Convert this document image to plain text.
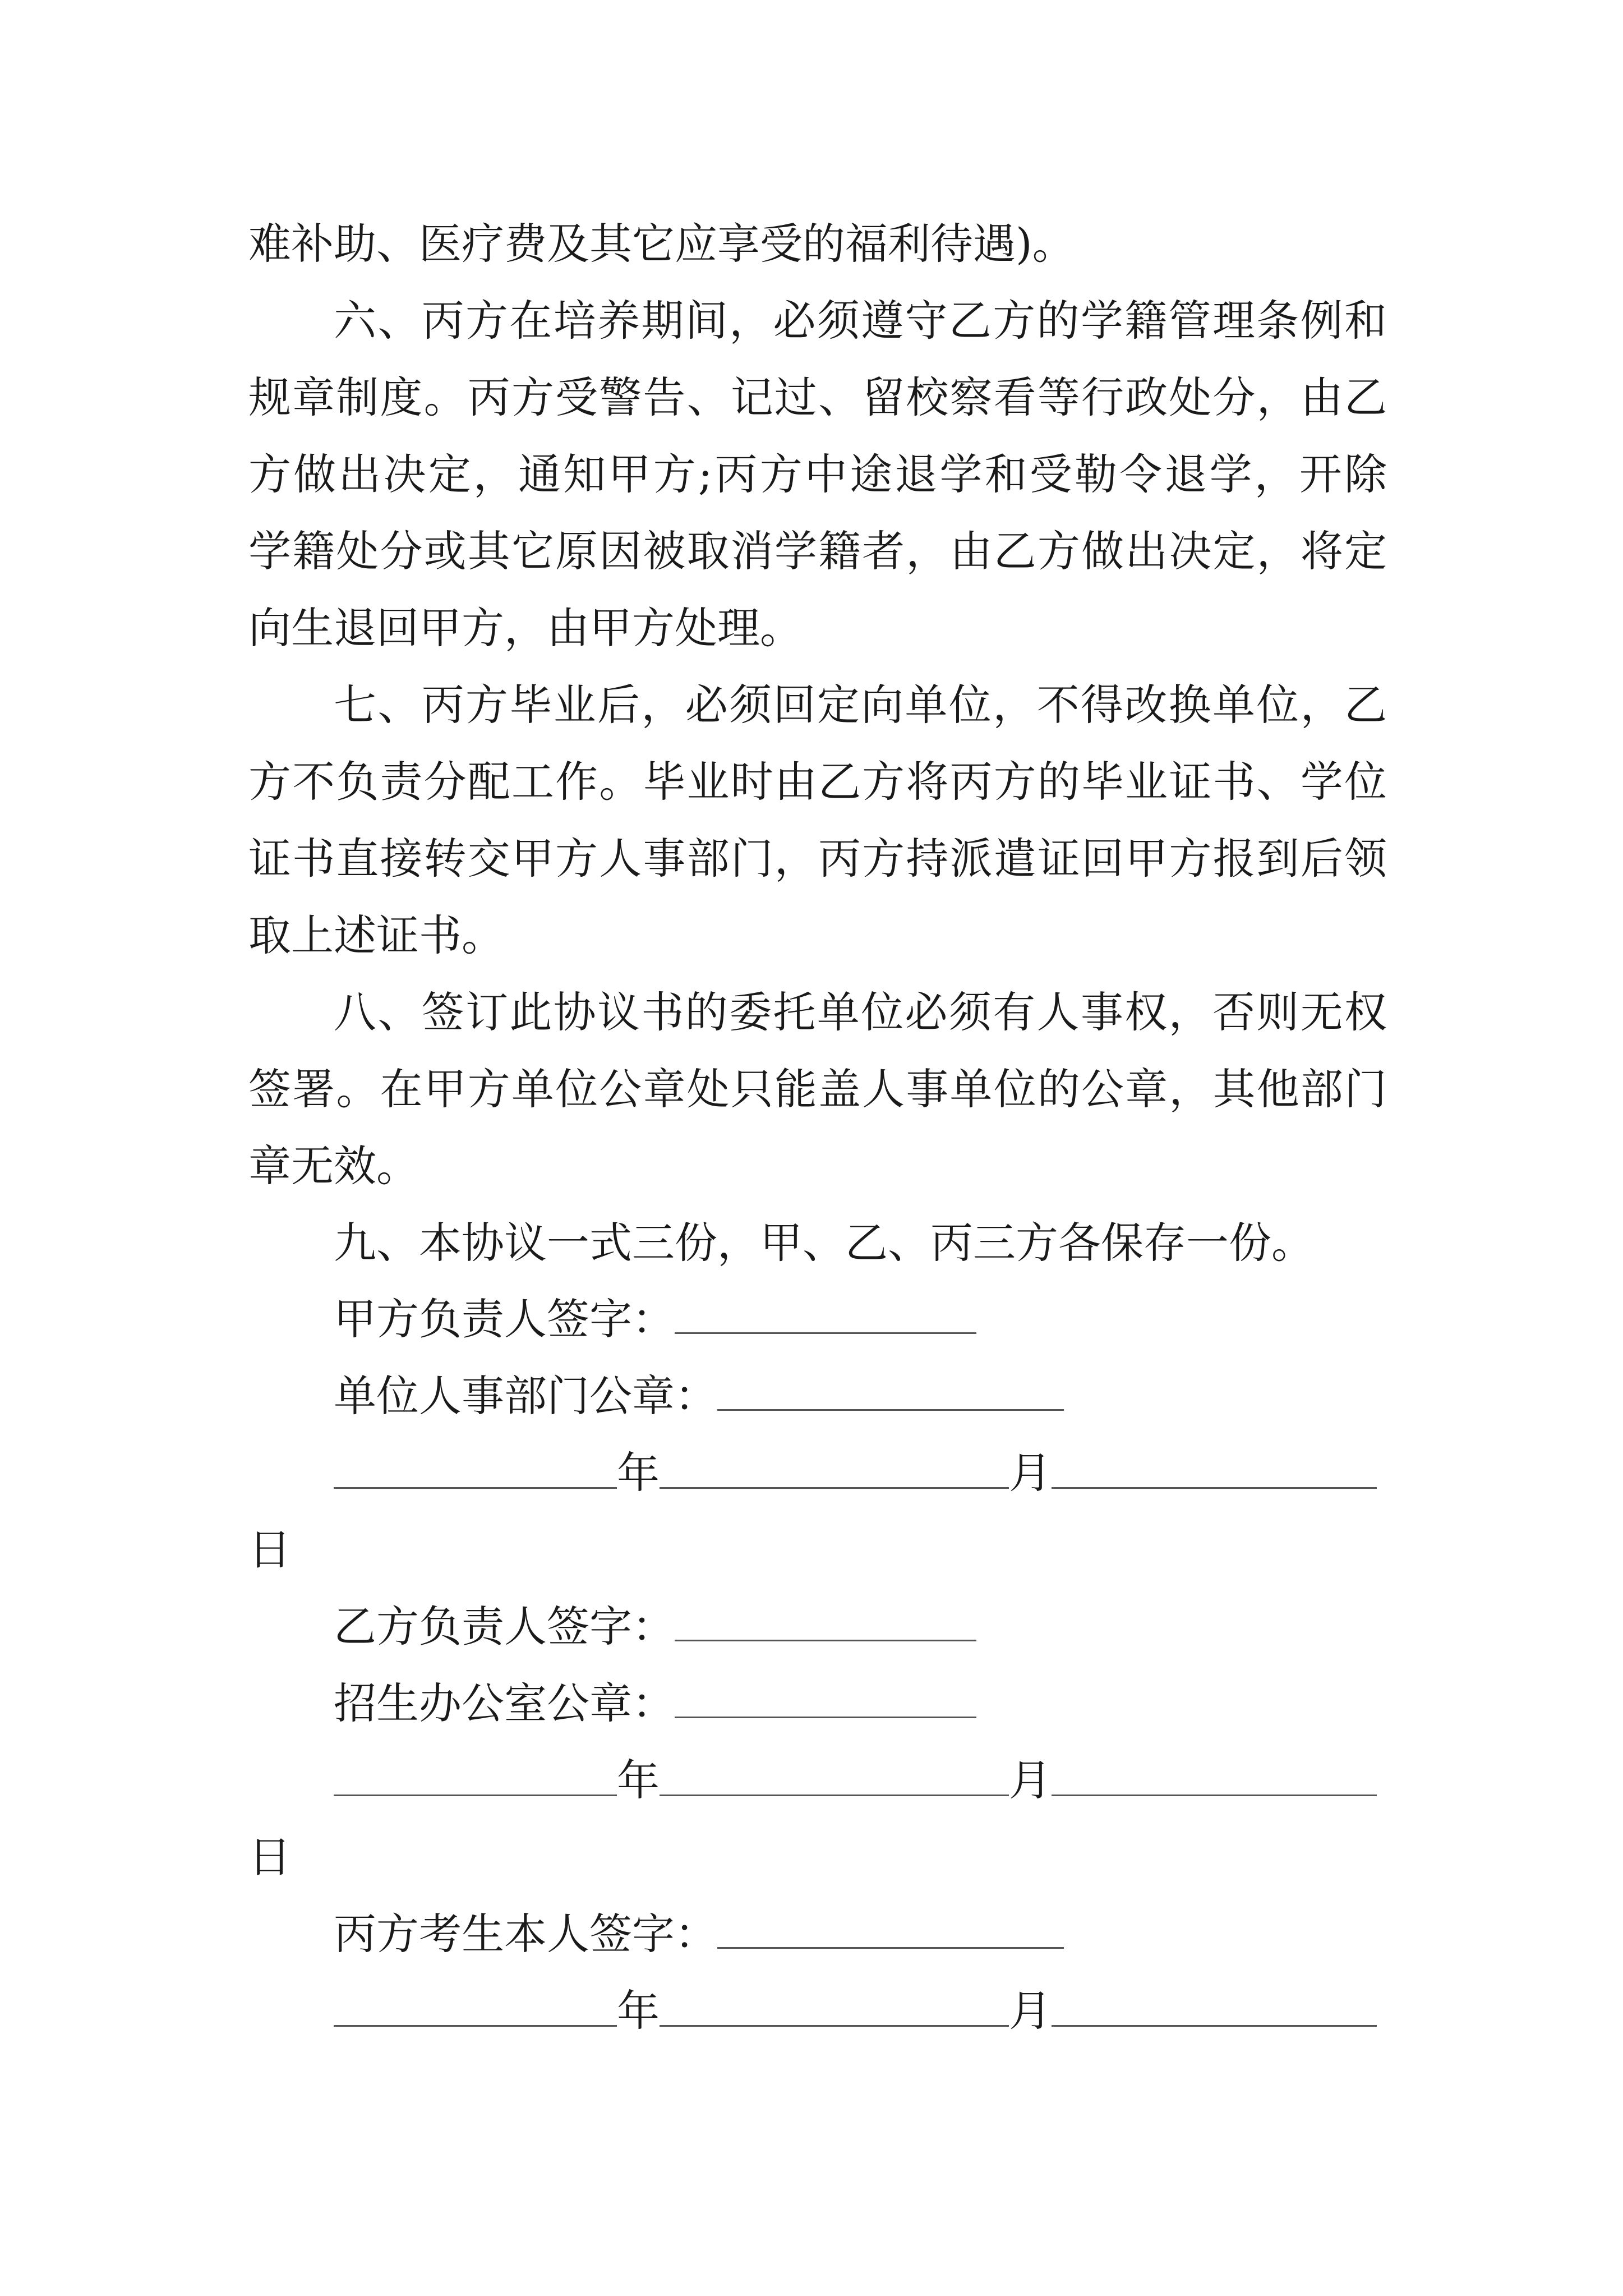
难补助、医疗费及其它应享受的福利待遇)。
六、丙方在培养期间，必须遵守乙方的学籍管理条例和
规章制度。丙方受警告、记过、留校察看等行政处分，由乙
方做出决定，通知甲方;丙方中途退学和受勒令退学，开除
学籍处分或其它原因被取消学籍者，由乙方做出决定，将定
向生退回甲方，由甲方处理。
七、丙方毕业后，必须回定向单位，不得改换单位，乙
方不负责分配工作。毕业时由乙方将丙方的毕业证书、学位
证书直接转交甲方人事部门，丙方持派遣证回甲方报到后领
取上述证书。
八、签订此协议书的委托单位必须有人事权，否则无权
签署。在甲方单位公章处只能盖人事单位的公章，其他部门
章无效。
九、本协议一式三份，甲、乙、丙三方各保存一份。
甲方负责人签字：
单位人事部门公章：
年	月
日
乙方负责人签字：
招生办公室公章：
年	月
日
丙方考生本人签字：
年	月
